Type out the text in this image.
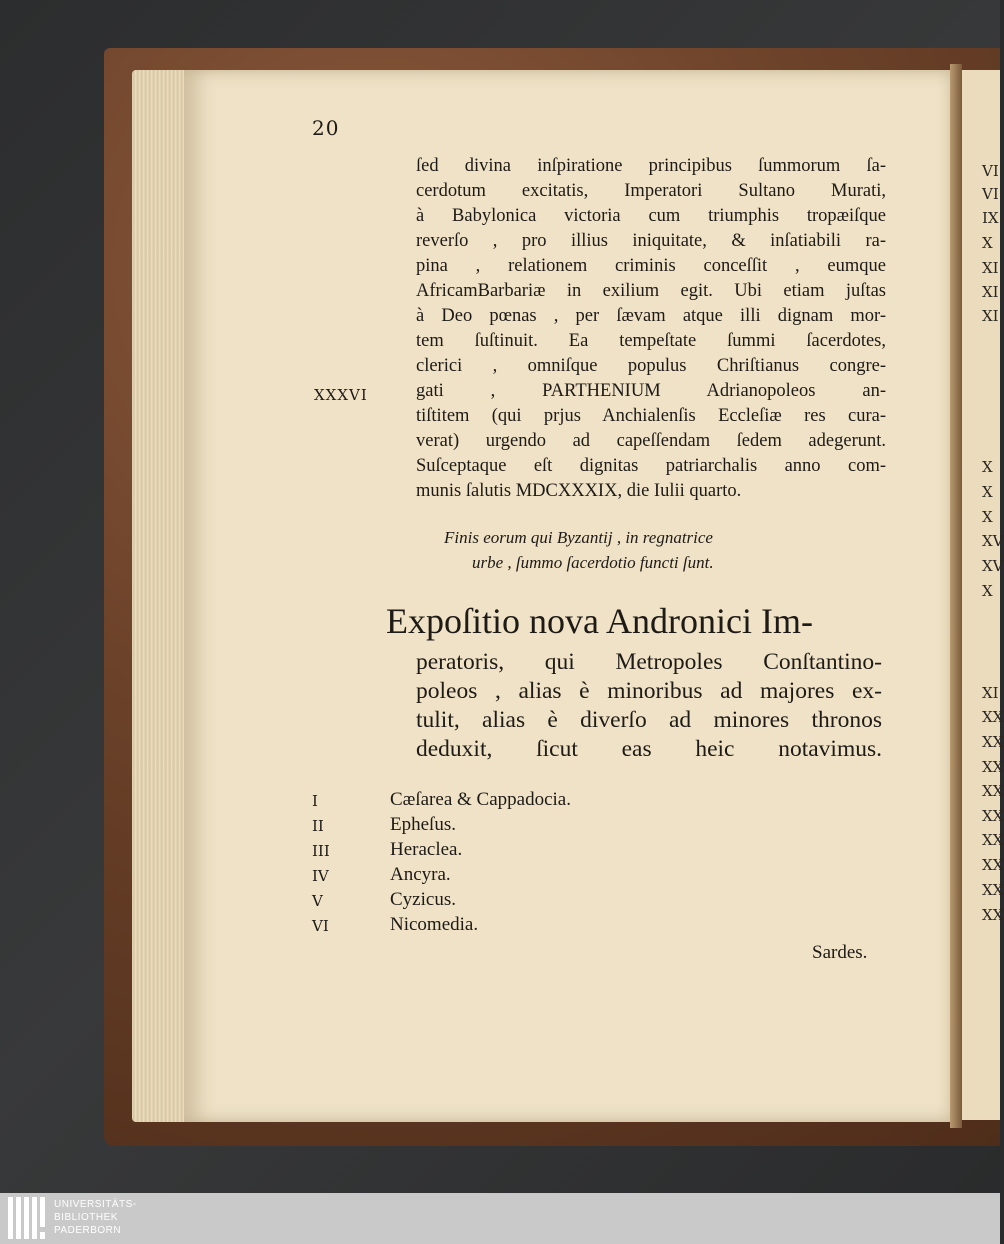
VI
VI
IX
X
XI
XI
XI
X
X
X
XV
XV
X
XI
XX
XX
XX
XX
XX
XX
XX
XX
XX
20
ſed divina inſpiratione principibus ſummorum ſa-
cerdotum excitatis, Imperatori Sultano Murati,
à Babylonica victoria cum triumphis tropæiſque
reverſo , pro illius iniquitate, & inſatiabili ra-
pina , relationem criminis conceſſit , eumque
AfricamBarbariæ in exilium egit. Ubi etiam juſtas
à Deo pœnas , per ſævam atque illi dignam mor-
tem ſuſtinuit. Ea tempeſtate ſummi ſacerdotes,
clerici , omniſque populus Chriſtianus congre-
gati , PARTHENIUM Adrianopoleos an-
tiſtitem (qui prjus Anchialenſis Eccleſiæ res cura-
verat) urgendo ad capeſſendam ſedem adegerunt.
Suſceptaque eſt dignitas patriarchalis anno com-
munis ſalutis MDCXXXIX, die Iulii quarto.
XXXVI
Finis eorum qui Byzantij , in regnatrice
urbe , ſummo ſacerdotio functi ſunt.
Expoſitio nova Andronici Im-
peratoris, qui Metropoles Conſtantino-
poleos , alias è minoribus ad majores ex-
tulit, alias è diverſo ad minores thronos
deduxit, ſicut eas heic notavimus.
I	Cæſarea & Cappadocia.
II	Epheſus.
III	Heraclea.
IV	Ancyra.
V	Cyzicus.
VI	Nicomedia.
Sardes.
UNIVERSITÄTS-
BIBLIOTHEK
PADERBORN
